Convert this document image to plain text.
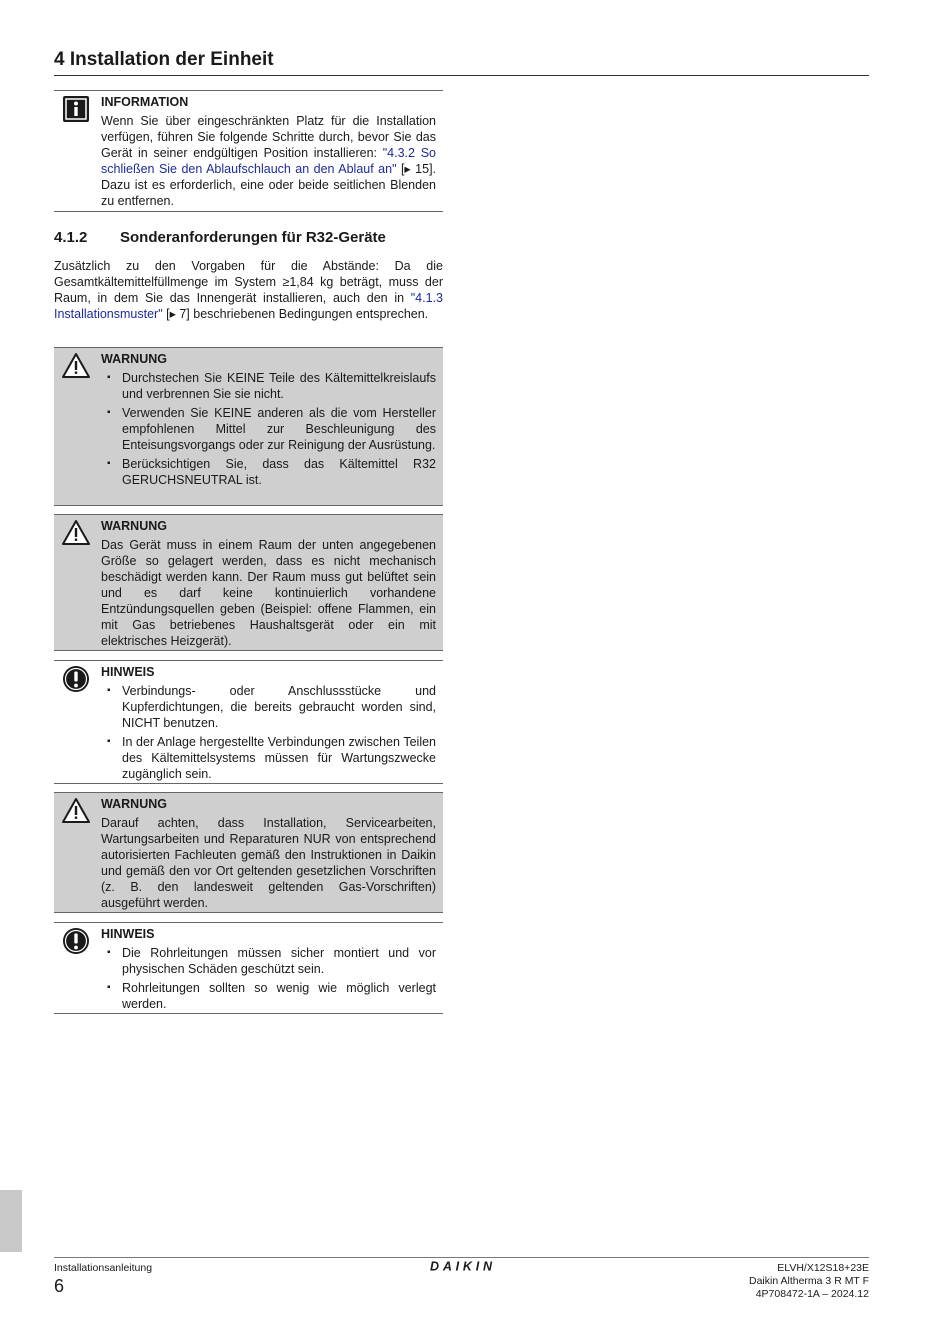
4 Installation der Einheit
INFORMATION
Wenn Sie über eingeschränkten Platz für die Installation verfügen, führen Sie folgende Schritte durch, bevor Sie das Gerät in seiner endgültigen Position installieren: "4.3.2 So schließen Sie den Ablaufschlauch an den Ablauf an" [▸ 15]. Dazu ist es erforderlich, eine oder beide seitlichen Blenden zu entfernen.
4.1.2 Sonderanforderungen für R32-Geräte
Zusätzlich zu den Vorgaben für die Abstände: Da die Gesamtkältemittelfüllmenge im System ≥1,84 kg beträgt, muss der Raum, in dem Sie das Innengerät installieren, auch den in "4.1.3 Installationsmuster" [▸ 7] beschriebenen Bedingungen entsprechen.
WARNUNG
▪ Durchstechen Sie KEINE Teile des Kältemittelkreislaufs und verbrennen Sie sie nicht.
▪ Verwenden Sie KEINE anderen als die vom Hersteller empfohlenen Mittel zur Beschleunigung des Enteisungsvorgangs oder zur Reinigung der Ausrüstung.
▪ Berücksichtigen Sie, dass das Kältemittel R32 GERUCHSNEUTRAL ist.
WARNUNG
Das Gerät muss in einem Raum der unten angegebenen Größe so gelagert werden, dass es nicht mechanisch beschädigt werden kann. Der Raum muss gut belüftet sein und es darf keine kontinuierlich vorhandene Entzündungsquellen geben (Beispiel: offene Flammen, ein mit Gas betriebenes Haushaltsgerät oder ein mit elektrisches Heizgerät).
HINWEIS
▪ Verbindungs- oder Anschlussstücke und Kupferdichtungen, die bereits gebraucht worden sind, NICHT benutzen.
▪ In der Anlage hergestellte Verbindungen zwischen Teilen des Kältemittelsystems müssen für Wartungszwecke zugänglich sein.
WARNUNG
Darauf achten, dass Installation, Servicearbeiten, Wartungsarbeiten und Reparaturen NUR von entsprechend autorisierten Fachleuten gemäß den Instruktionen in Daikin und gemäß den vor Ort geltenden gesetzlichen Vorschriften (z. B. den landesweit geltenden Gas-Vorschriften) ausgeführt werden.
HINWEIS
▪ Die Rohrleitungen müssen sicher montiert und vor physischen Schäden geschützt sein.
▪ Rohrleitungen sollten so wenig wie möglich verlegt werden.
Installationsanleitung
6
DAIKIN	ELVH/X12S18+23E
Daikin Altherma 3 R MT F
4P708472-1A – 2024.12
